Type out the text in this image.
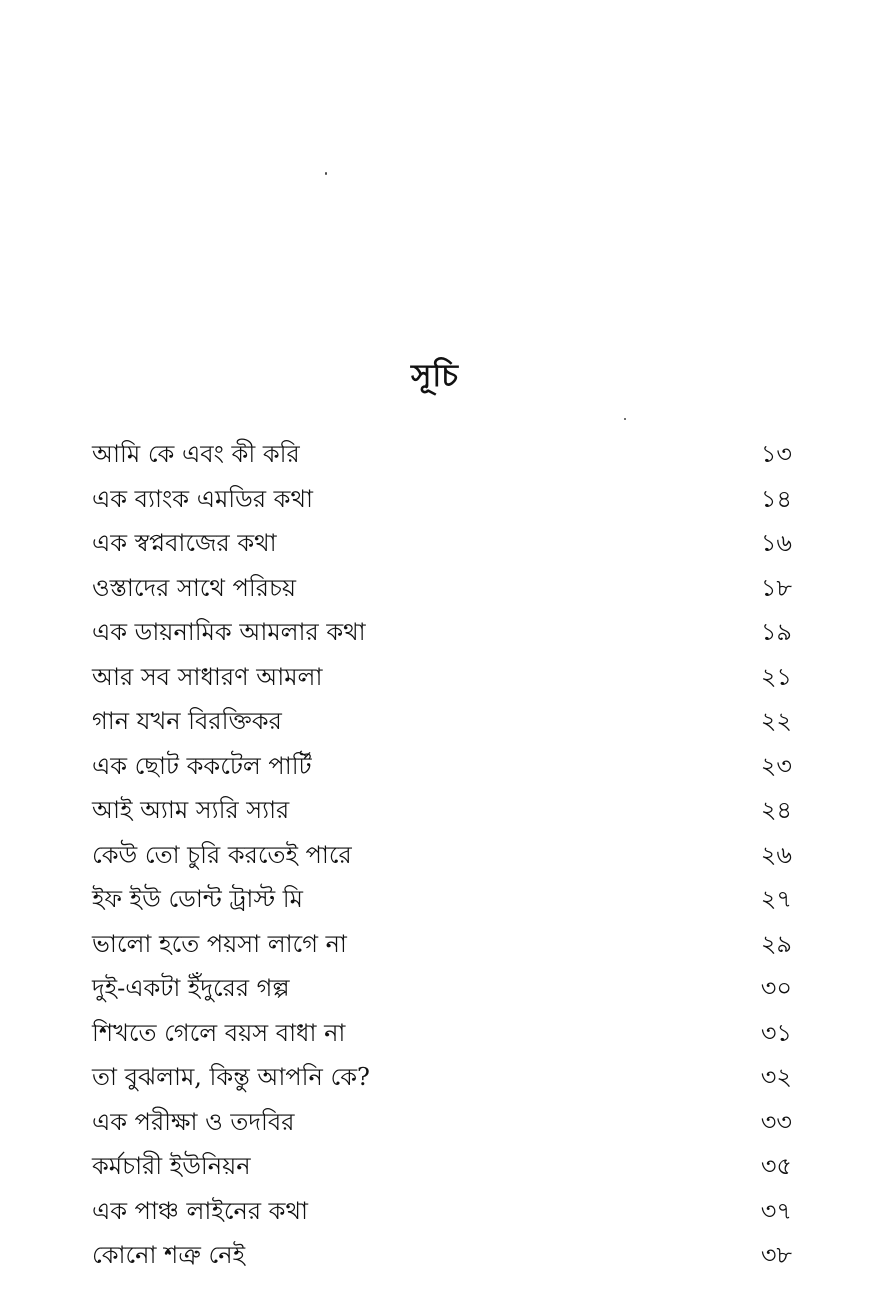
সূচি
আমি কে এবং কী করি	১৩
এক ব্যাংক এমডির কথা	১৪
এক স্বপ্নবাজের কথা	১৬
ওস্তাদের সাথে পরিচয়	১৮
এক ডায়নামিক আমলার কথা	১৯
আর সব সাধারণ আমলা	২১
গান যখন বিরক্তিকর	২২
এক ছোট ককটেল পার্টি	২৩
আই অ্যাম স্যরি স্যার	২৪
কেউ তো চুরি করতেই পারে	২৬
ইফ ইউ ডোন্ট ট্রাস্ট মি	২৭
ভালো হতে পয়সা লাগে না	২৯
দুই-একটা ইঁদুরের গল্প	৩০
শিখতে গেলে বয়স বাধা না	৩১
তা বুঝলাম, কিন্তু আপনি কে?	৩২
এক পরীক্ষা ও তদবির	৩৩
কর্মচারী ইউনিয়ন	৩৫
এক পাঞ্চ লাইনের কথা	৩৭
কোনো শত্রু নেই	৩৮
